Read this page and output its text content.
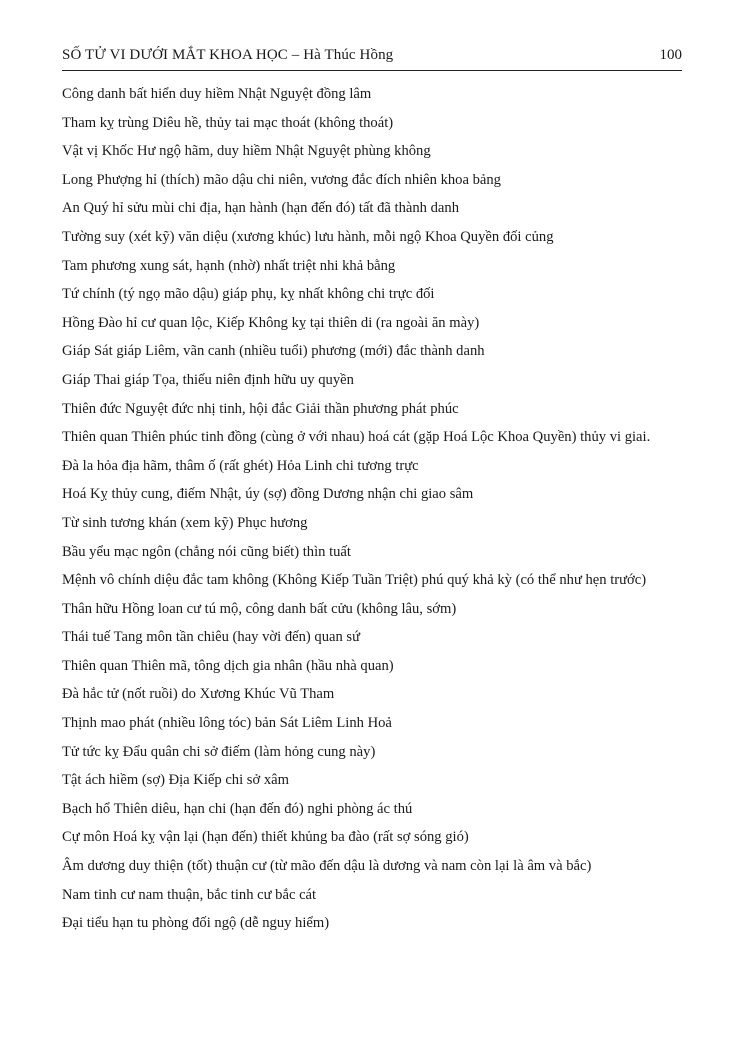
SỐ TỬ VI DƯỚI MẮT KHOA HỌC – Hà Thúc Hồng	100

Công danh bất hiển duy hiềm Nhật Nguyệt đồng lâm

Tham kỵ trùng Diêu hề, thủy tai mạc thoát (không thoát)

Vật vị Khốc Hư ngộ hãm, duy hiềm Nhật Nguyệt phùng không

Long Phượng hỉ (thích) mão dậu chi niên, vương đắc đích nhiên khoa bảng

An Quý hỉ sửu mùi chi địa, hạn hành (hạn đến đó) tất đã thành danh

Tường suy (xét kỹ) văn diệu (xương khúc) lưu hành, mỗi ngộ Khoa Quyền đối củng

Tam phương xung sát, hạnh (nhờ) nhất triệt nhi khả bằng

Tứ chính (tý ngọ mão dậu) giáp phụ, kỵ nhất không chi trực đối

Hồng Đào hỉ cư quan lộc, Kiếp Không kỵ tại thiên di (ra ngoài ăn mày)

Giáp Sát giáp Liêm, vãn canh (nhiều tuổi) phương (mới) đắc thành danh

Giáp Thai giáp Tọa, thiếu niên định hữu uy quyền

Thiên đức Nguyệt đức nhị tinh, hội đắc Giải thần phương phát phúc

Thiên quan Thiên phúc tinh đồng (cùng ở với nhau) hoá cát (gặp Hoá Lộc Khoa Quyền) thủy vi giai.

Đà la hỏa địa hãm, thâm ố (rất ghét) Hỏa Linh chi tương trực

Hoá Kỵ thủy cung, điếm Nhật, úy (sợ) đồng Dương nhận chi giao sâm

Từ sinh tương khán (xem kỹ) Phục hương

Bầu yểu mạc ngôn (chẳng nói cũng biết) thìn tuất

Mệnh vô chính diệu đắc tam không (Không Kiếp Tuần Triệt) phú quý khả kỳ (có thể như hẹn trước)

Thân hữu Hồng loan cư tú mộ, công danh bất cửu (không lâu, sớm)

Thái tuế Tang môn tần chiêu (hay vời đến) quan sứ

Thiên quan Thiên mã, tông dịch gia nhân (hầu nhà quan)

Đà hắc tử (nốt ruồi) do Xương Khúc Vũ Tham

Thịnh mao phát (nhiều lông tóc) bản Sát Liêm Linh Hoả

Tử tức kỵ Đẩu quân chi sở điếm (làm hỏng cung này)

Tật ách hiềm (sợ) Địa Kiếp chi sở xâm

Bạch hổ Thiên diêu, hạn chi (hạn đến đó) nghi phòng ác thú

Cự môn Hoá kỵ vận lại (hạn đến) thiết khủng ba đào (rất sợ sóng gió)

Âm dương duy thiện (tốt) thuận cư (từ mão đến dậu là dương và nam còn lại là âm và bắc)

Nam tinh cư nam thuận, bắc tinh cư bắc cát

Đại tiểu hạn tu phòng đối ngộ (dễ nguy hiểm)
